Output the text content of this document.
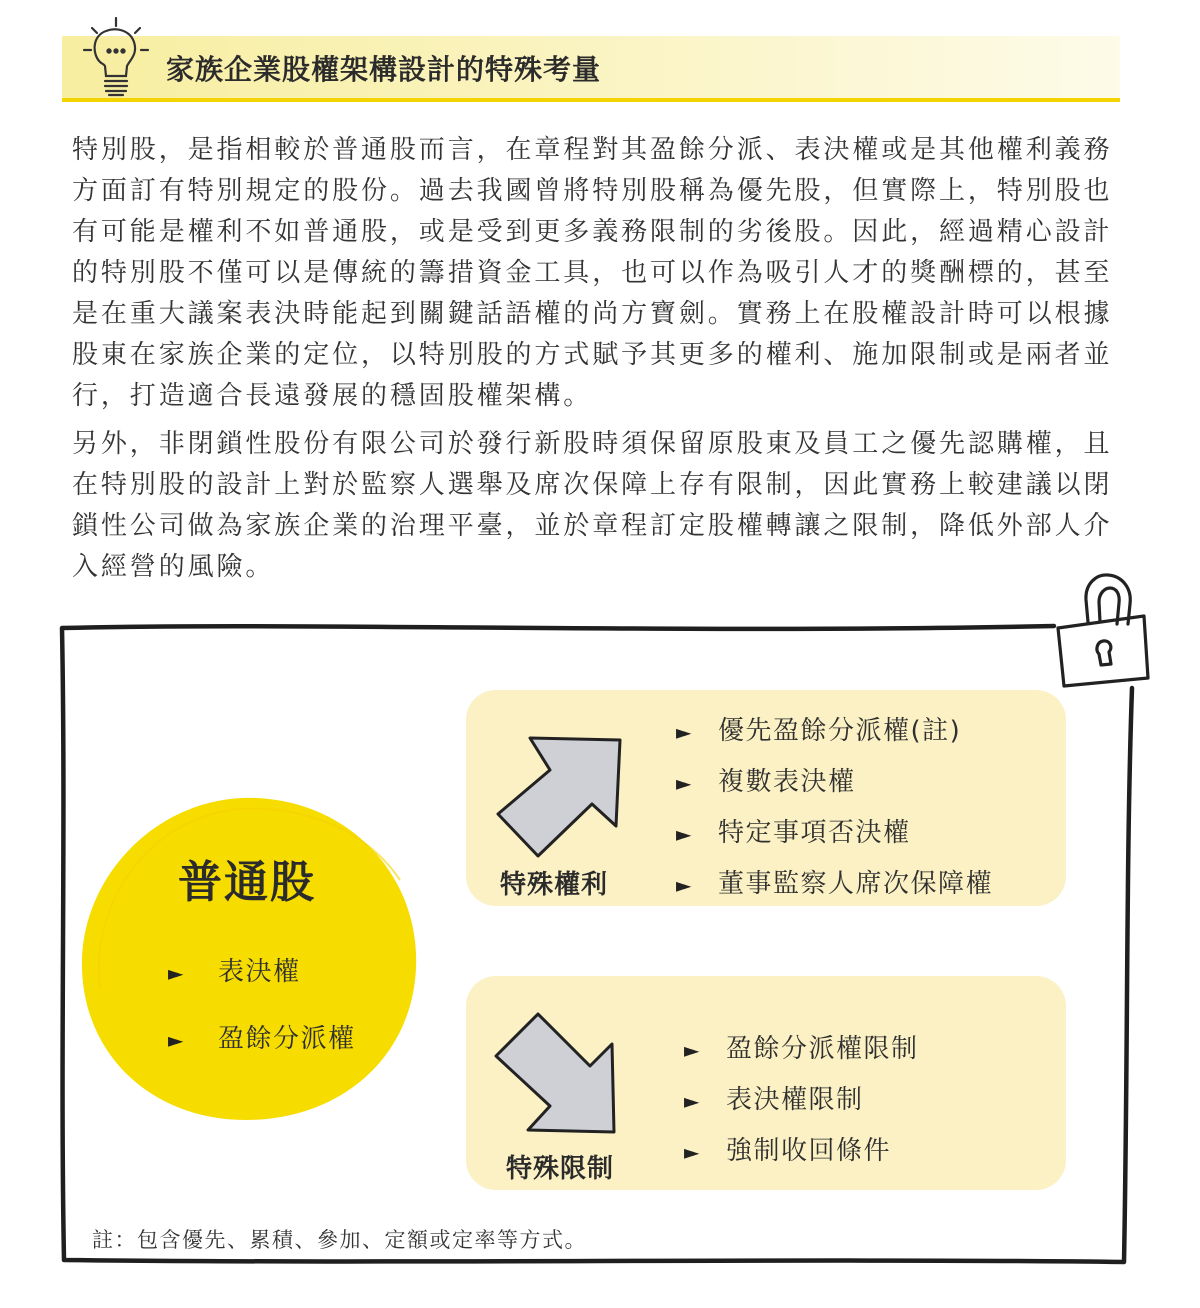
家族企業股權架構設計的特殊考量

特別股，是指相較於普通股而言，在章程對其盈餘分派、表決權或是其他權利義務
方面訂有特別規定的股份。過去我國曾將特別股稱為優先股，但實際上，特別股也
有可能是權利不如普通股，或是受到更多義務限制的劣後股。因此，經過精心設計
的特別股不僅可以是傳統的籌措資金工具，也可以作為吸引人才的獎酬標的，甚至
是在重大議案表決時能起到關鍵話語權的尚方寶劍。實務上在股權設計時可以根據
股東在家族企業的定位，以特別股的方式賦予其更多的權利、施加限制或是兩者並
行，打造適合長遠發展的穩固股權架構。

另外，非閉鎖性股份有限公司於發行新股時須保留原股東及員工之優先認購權，且
在特別股的設計上對於監察人選舉及席次保障上存有限制，因此實務上較建議以閉
鎖性公司做為家族企業的治理平臺，並於章程訂定股權轉讓之限制，降低外部人介
入經營的風險。

普通股
► 表決權
► 盈餘分派權
特殊權利
► 優先盈餘分派權(註)
► 複數表決權
► 特定事項否決權
► 董事監察人席次保障權
特殊限制
► 盈餘分派權限制
► 表決權限制
► 強制收回條件
註：包含優先、累積、參加、定額或定率等方式。
